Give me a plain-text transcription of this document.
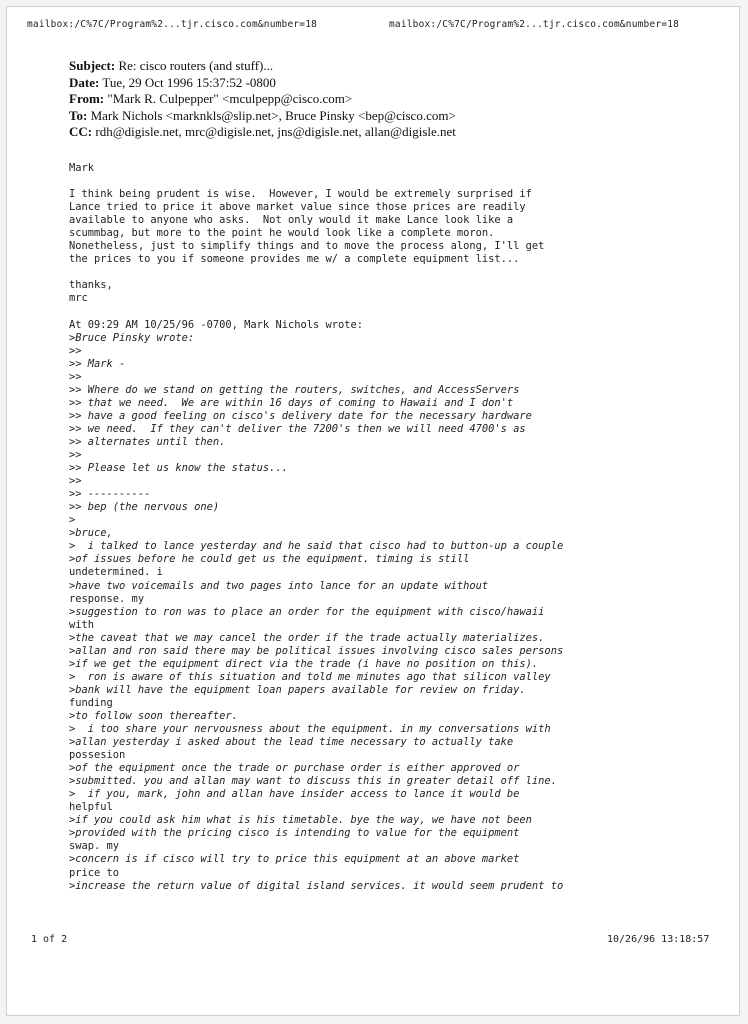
mailbox:/C%7C/Program%2...tjr.cisco.com&number=18	mailbox:/C%7C/Program%2...tjr.cisco.com&number=18
Subject: Re: cisco routers (and stuff)...
Date: Tue, 29 Oct 1996 15:37:52 -0800
From: "Mark R. Culpepper" <mculpepp@cisco.com>
To: Mark Nichols <marknkls@slip.net>, Bruce Pinsky <bep@cisco.com>
CC: rdh@digisle.net, mrc@digisle.net, jns@digisle.net, allan@digisle.net
Mark
I think being prudent is wise.  However, I would be extremely surprised if
Lance tried to price it above market value since those prices are readily
available to anyone who asks.  Not only would it make Lance look like a
scummbag, but more to the point he would look like a complete moron.
Nonetheless, just to simplify things and to move the process along, I'll get
the prices to you if someone provides me w/ a complete equipment list...
thanks,
mrc
At 09:29 AM 10/25/96 -0700, Mark Nichols wrote:
>Bruce Pinsky wrote:
>>
>> Mark -
>>
>> Where do we stand on getting the routers, switches, and AccessServers
>> that we need.  We are within 16 days of coming to Hawaii and I don't
>> have a good feeling on cisco's delivery date for the necessary hardware
>> we need.  If they can't deliver the 7200's then we will need 4700's as
>> alternates until then.
>>
>> Please let us know the status...
>>
>> ----------
>> bep (the nervous one)
>
>bruce,
>  i talked to lance yesterday and he said that cisco had to button-up a couple
>of issues before he could get us the equipment. timing is still
undetermined. i
>have two voicemails and two pages into lance for an update without
response. my
>suggestion to ron was to place an order for the equipment with cisco/hawaii
with
>the caveat that we may cancel the order if the trade actually materializes.
>allan and ron said there may be political issues involving cisco sales persons
>if we get the equipment direct via the trade (i have no position on this).
>  ron is aware of this situation and told me minutes ago that silicon valley
>bank will have the equipment loan papers available for review on friday.
funding
>to follow soon thereafter.
>  i too share your nervousness about the equipment. in my conversations with
>allan yesterday i asked about the lead time necessary to actually take
possesion
>of the equipment once the trade or purchase order is either approved or
>submitted. you and allan may want to discuss this in greater detail off line.
>  if you, mark, john and allan have insider access to lance it would be
helpful
>if you could ask him what is his timetable. bye the way, we have not been
>provided with the pricing cisco is intending to value for the equipment
swap. my
>concern is if cisco will try to price this equipment at an above market
price to
>increase the return value of digital island services. it would seem prudent to
1 of 2	10/26/96 13:18:57
